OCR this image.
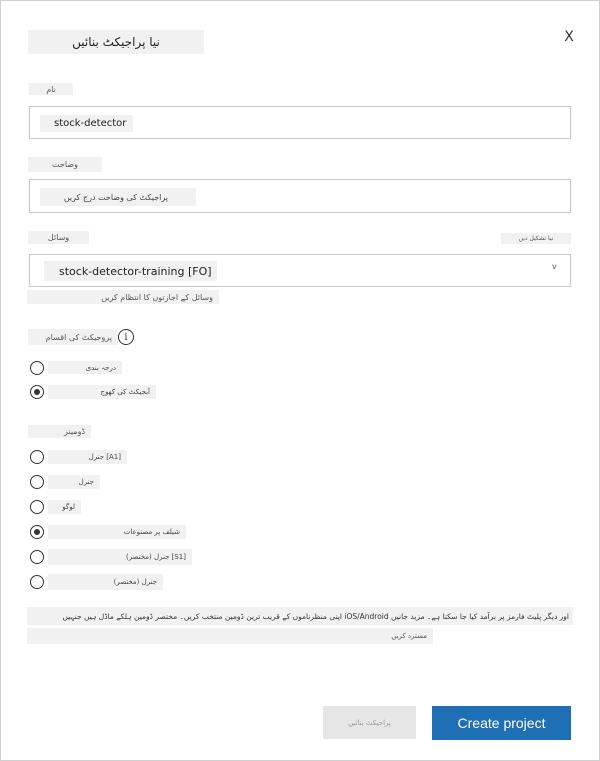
نیا پراجیکٹ بنائیں	X
نام
stock-detector
وضاحت
پراجیکٹ کی وضاحت درج کریں
وسائل	نیا تشکیل دیں
stock-detector-training [FO]	v
وسائل کے اجازتوں کا انتظام کریں
پروجیکٹ کی اقسام	i
درجہ بندی
آبجیکٹ کی کھوج
ڈومینز
جنرل [A1]
جنرل
لوگو
شیلف پر مصنوعات
جنرل (مختصر) [S1]
جنرل (مختصر)
اپنی منظرناموں کے قریب ترین ڈومین منتخب کریں۔ مختصر ڈومین ہلکے ماڈل ہیں جنہیں iOS/Android اور دیگر پلیٹ فارمز پر برآمد کیا جا سکتا ہے۔ مزید جانیں
مسترد کریں
پراجیکٹ بنائیں	Create project
